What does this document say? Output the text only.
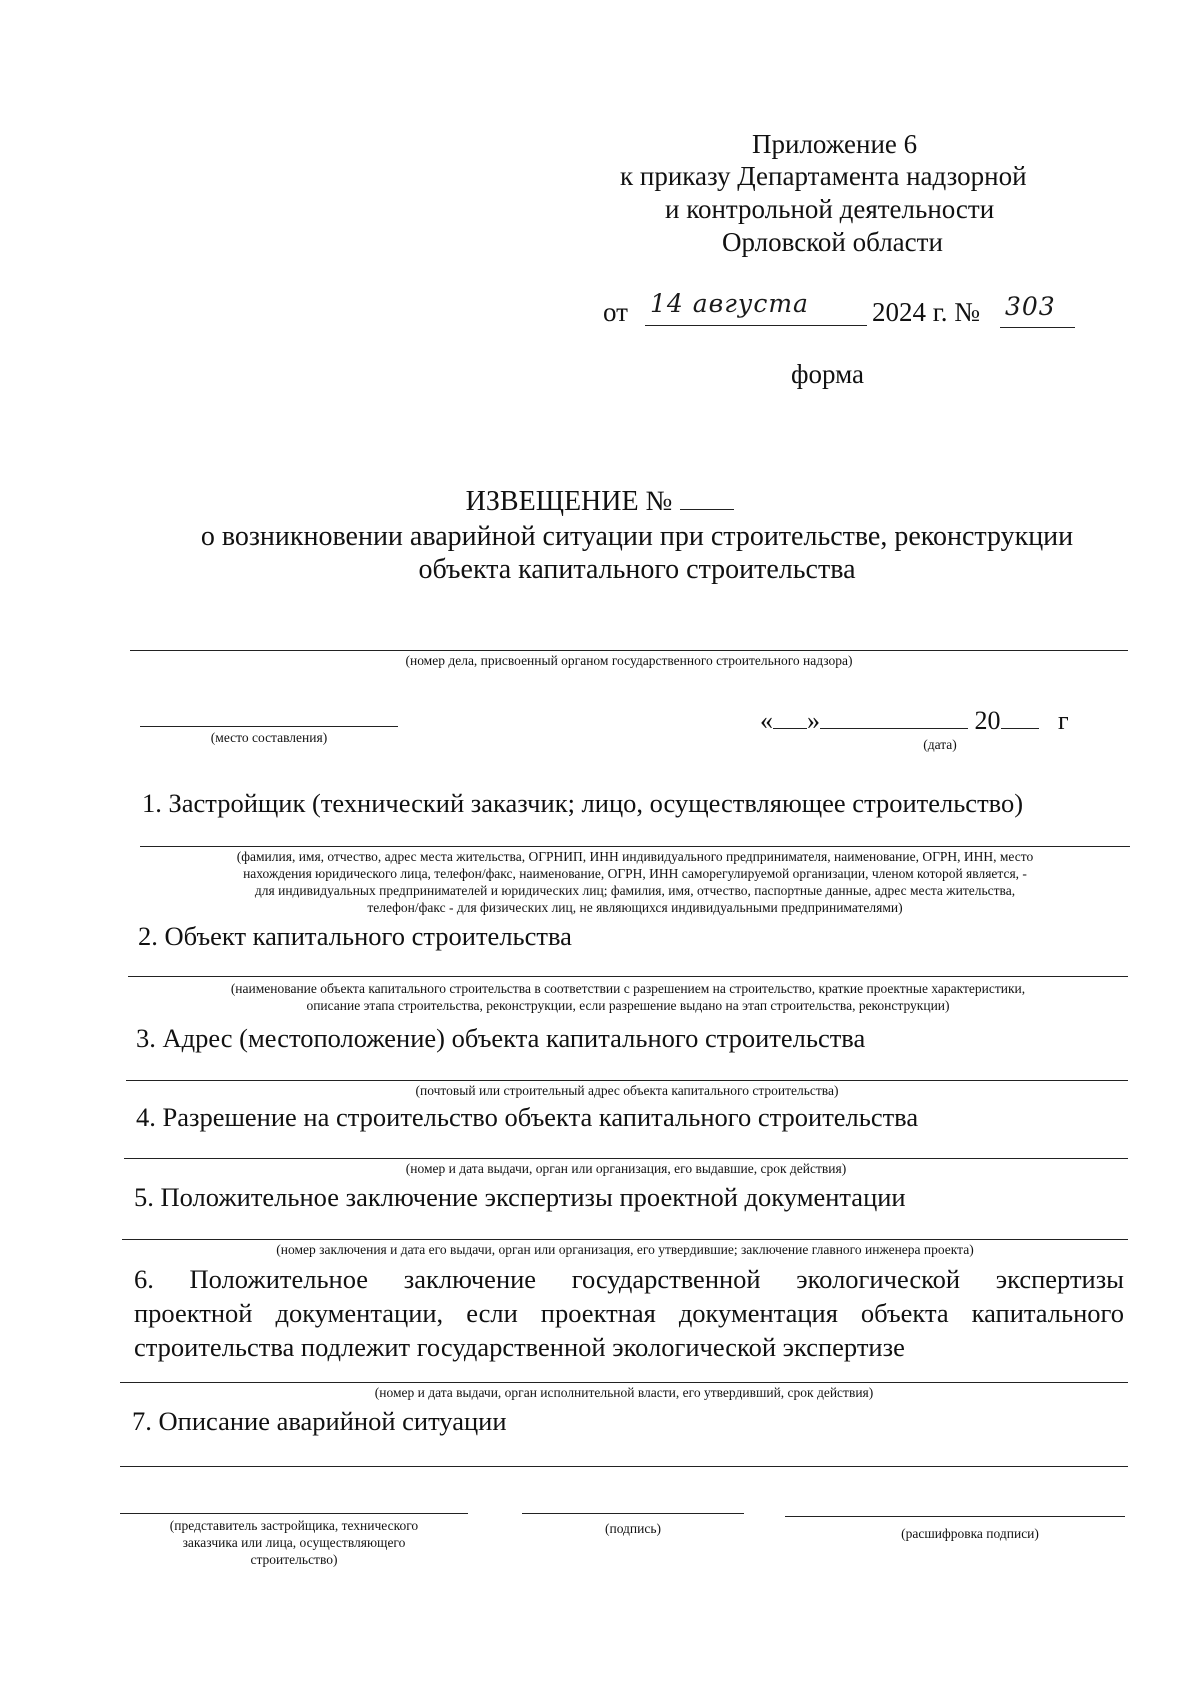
Приложение 6
к приказу Департамента надзорной
и контрольной деятельности
Орловской области
от 14 августа 2024 г. № 303
форма
ИЗВЕЩЕНИЕ №
о возникновении аварийной ситуации при строительстве, реконструкции
объекта капитального строительства
(номер дела, присвоенный органом государственного строительного надзора)
(место составления)
« »	20 г
(дата)
1. Застройщик (технический заказчик; лицо, осуществляющее строительство)
(фамилия, имя, отчество, адрес места жительства, ОГРНИП, ИНН индивидуального предпринимателя, наименование, ОГРН, ИНН, место
нахождения юридического лица, телефон/факс, наименование, ОГРН, ИНН саморегулируемой организации, членом которой является, -
для индивидуальных предпринимателей и юридических лиц; фамилия, имя, отчество, паспортные данные, адрес места жительства,
телефон/факс - для физических лиц, не являющихся индивидуальными предпринимателями)
2. Объект капитального строительства
(наименование объекта капитального строительства в соответствии с разрешением на строительство, краткие проектные характеристики,
описание этапа строительства, реконструкции, если разрешение выдано на этап строительства, реконструкции)
3. Адрес (местоположение) объекта капитального строительства
(почтовый или строительный адрес объекта капитального строительства)
4. Разрешение на строительство объекта капитального строительства
(номер и дата выдачи, орган или организация, его выдавшие, срок действия)
5. Положительное заключение экспертизы проектной документации
(номер заключения и дата его выдачи, орган или организация, его утвердившие; заключение главного инженера проекта)
6. Положительное заключение государственной экологической экспертизы
проектной документации, если проектная документация объекта капитального
строительства подлежит государственной экологической экспертизе
(номер и дата выдачи, орган исполнительной власти, его утвердивший, срок действия)
7. Описание аварийной ситуации
(представитель застройщика, технического
заказчика или лица, осуществляющего
строительство)
(подпись)	(расшифровка подписи)
